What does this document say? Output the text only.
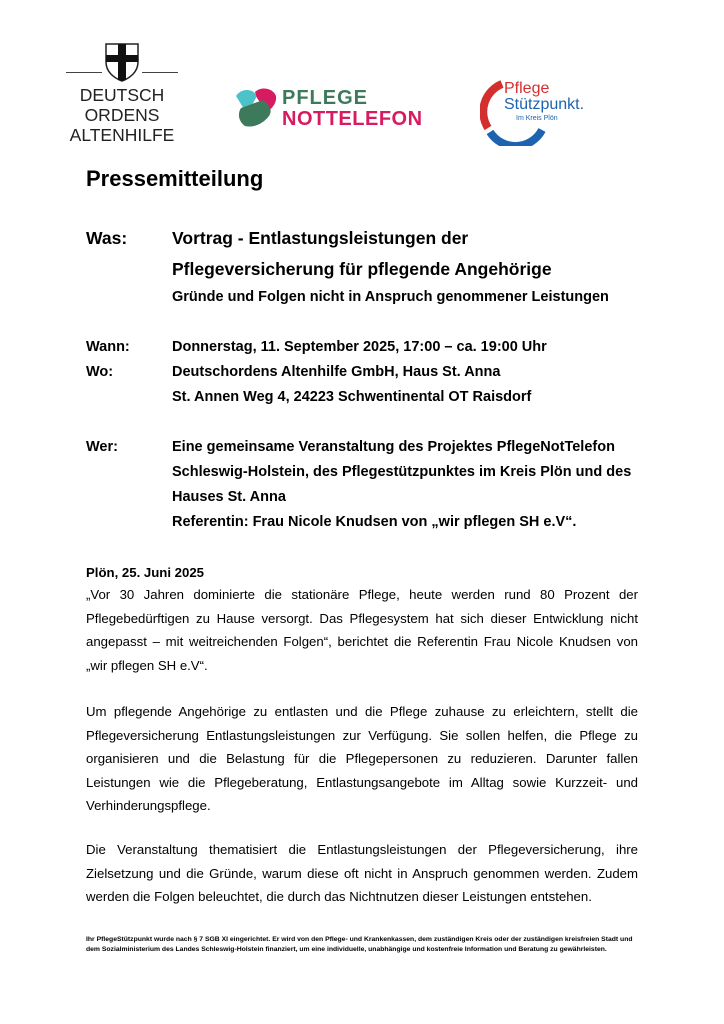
DEUTSCH
ORDENS
ALTENHILFE
PFLEGE
NOTTELEFON
Pflege
Stützpunkt.
Im Kreis Plön
Pressemitteilung
Was:	Vortrag - Entlastungsleistungen der
Pflegeversicherung für pflegende Angehörige
Gründe und Folgen nicht in Anspruch genommener Leistungen
Wann:	Donnerstag, 11. September 2025, 17:00 – ca. 19:00 Uhr
Wo:	Deutschordens Altenhilfe GmbH, Haus St. Anna
St. Annen Weg 4, 24223 Schwentinental OT Raisdorf
Wer:	Eine gemeinsame Veranstaltung des Projektes PflegeNotTelefon
Schleswig-Holstein, des Pflegestützpunktes im Kreis Plön und des
Hauses St. Anna
Referentin: Frau Nicole Knudsen von „wir pflegen SH e.V“.
Plön, 25. Juni 2025
„Vor 30 Jahren dominierte die stationäre Pflege, heute werden rund 80 Prozent der Pflegebedürftigen zu Hause versorgt. Das Pflegesystem hat sich dieser Entwicklung nicht angepasst – mit weitreichenden Folgen“, berichtet die Referentin Frau Nicole Knudsen von „wir pflegen SH e.V“.
Um pflegende Angehörige zu entlasten und die Pflege zuhause zu erleichtern, stellt die Pflegeversicherung Entlastungsleistungen zur Verfügung. Sie sollen helfen, die Pflege zu organisieren und die Belastung für die Pflegepersonen zu reduzieren. Darunter fallen Leistungen wie die Pflegeberatung, Entlastungsangebote im Alltag sowie Kurzzeit- und Verhinderungspflege.
Die Veranstaltung thematisiert die Entlastungsleistungen der Pflegeversicherung, ihre Zielsetzung und die Gründe, warum diese oft nicht in Anspruch genommen werden. Zudem werden die Folgen beleuchtet, die durch das Nichtnutzen dieser Leistungen entstehen.
Ihr PflegeStützpunkt wurde nach § 7 SGB XI eingerichtet. Er wird von den Pflege- und Krankenkassen, dem zuständigen Kreis oder der zuständigen kreisfreien Stadt und dem Sozialministerium des Landes Schleswig-Holstein finanziert, um eine individuelle, unabhängige und kostenfreie Information und Beratung zu gewährleisten.
